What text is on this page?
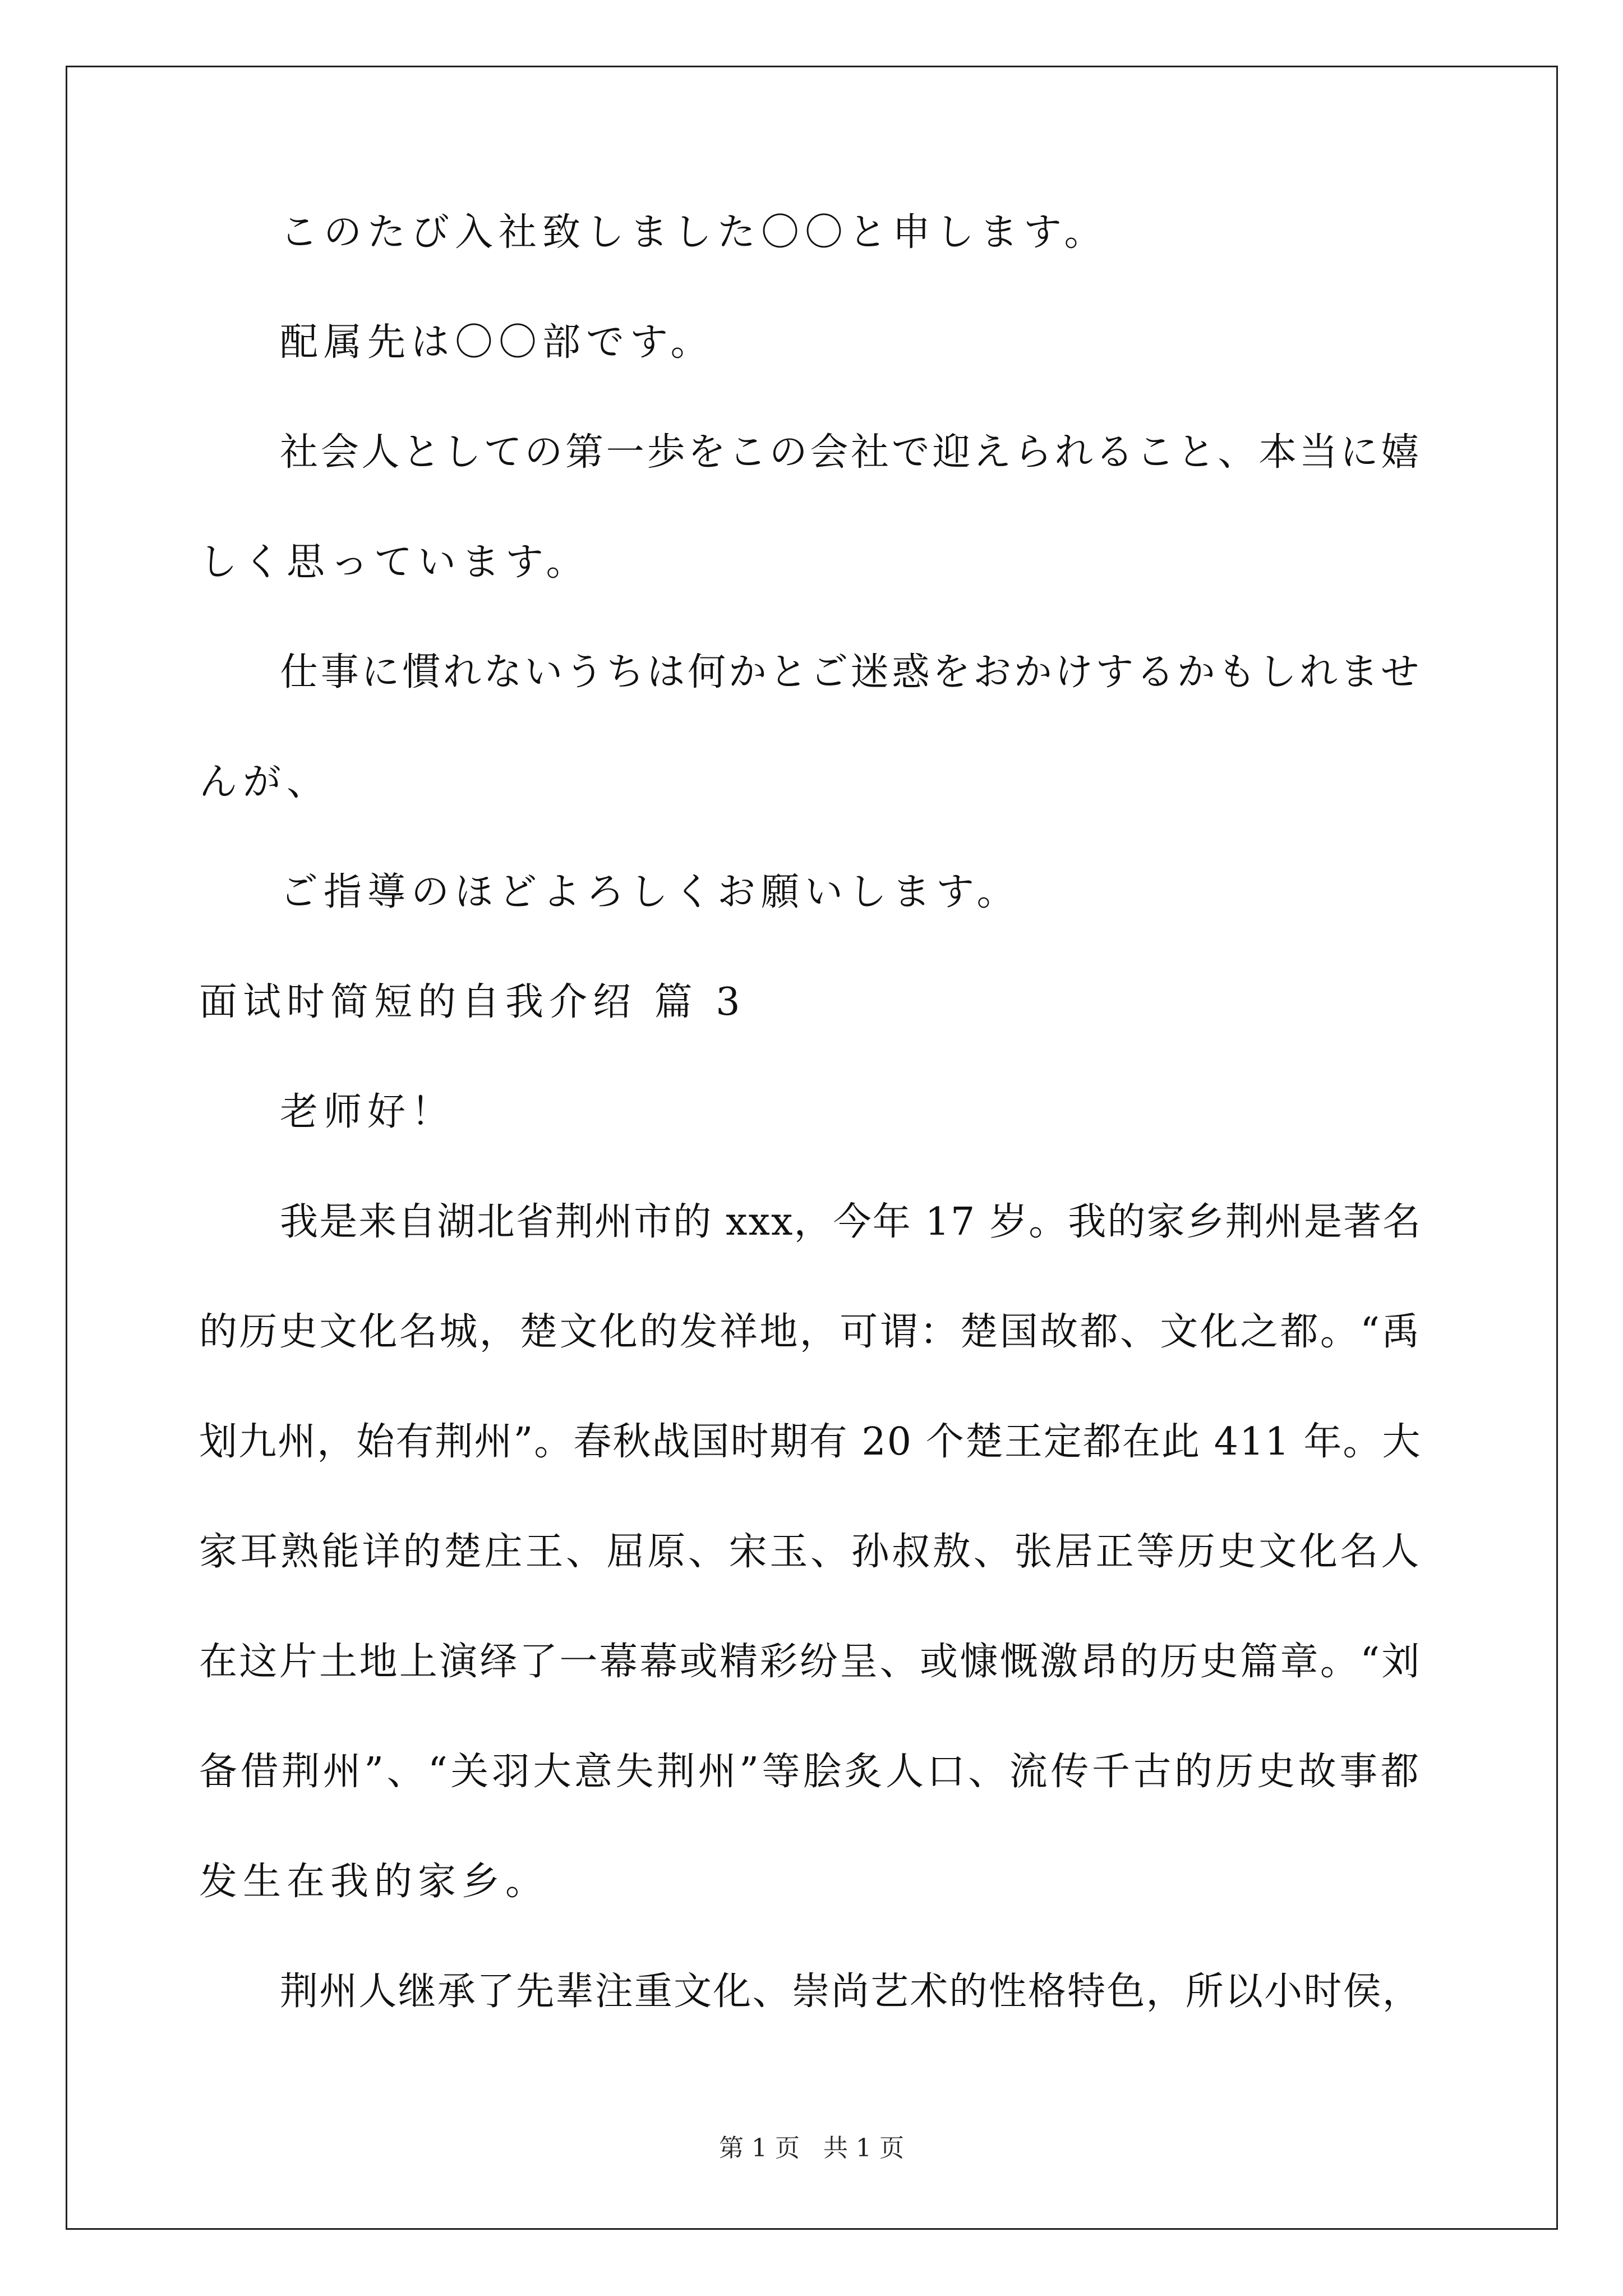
このたび入社致しました〇〇と申します。
配属先は〇〇部です。
社会人としての第一歩をこの会社で迎えられること、本当に嬉
しく思っています。
仕事に慣れないうちは何かとご迷惑をおかけするかもしれませ
んが、
ご指導のほどよろしくお願いします。
面试时简短的自我介绍 篇 3
老师好！
我是来自湖北省荆州市的 xxx，今年 17 岁。我的家乡荆州是著名
的历史文化名城，楚文化的发祥地，可谓：楚国故都、文化之都。“禹
划九州，始有荆州”。春秋战国时期有 20 个楚王定都在此 411 年。大
家耳熟能详的楚庄王、屈原、宋玉、孙叔敖、张居正等历史文化名人
在这片土地上演绎了一幕幕或精彩纷呈、或慷慨激昂的历史篇章。“刘
备借荆州”、“关羽大意失荆州”等脍炙人口、流传千古的历史故事都
发生在我的家乡。
荆州人继承了先辈注重文化、崇尚艺术的性格特色，所以小时侯，
第 1 页   共 1 页
